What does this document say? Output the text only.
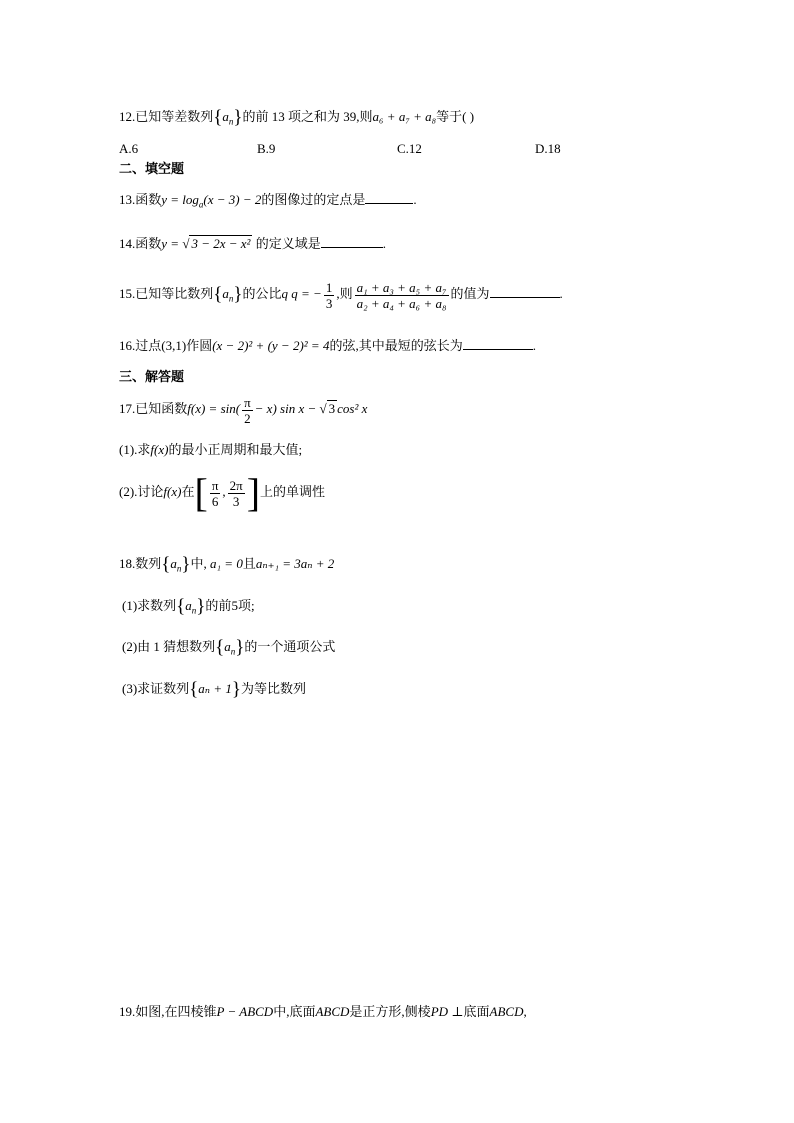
12.已知等差数列$\{a_n\}$的前 13 项之和为 39,则a₆ + a₇ + a₈等于( )
A.6	B.9	C.12	D.18
二、填空题
13.函数$y = \log_a(x - 3) - 2$的图像过的定点是	.
14.函数y = √ 3 − 2x − x² 的定义域是	.
15.已知等比数列$\{a_n\}$的公比q q = − $\frac{1}{3}$ ,则 $\frac{\text{a₁ + a₃ + a₅ + a₇}}{\text{a₂ + a₄ + a₆ + a₈}}$ 的值为	.
16.过点(3,1)作圆(x − 2)² + (y − 2)² = 4的弦,其中最短的弦长为	.
三、解答题
17.已知函数$f(x) = \sin( \frac{\pi}{2} - x)$ sin x − √ 3 cos² x
(1).求f(x)的最小正周期和最大值;
(2).讨论f(x)在[ $\frac{\pi}{6}$ , $\frac{2\pi}{3}$ ]上的单调性
18.数列$\{a_n\}$中, a₁ = 0且aₙ₊₁ = 3aₙ + 2
(1)求数列$\{a_n\}$的前5项;
(2)由 1 猜想数列$\{a_n\}$的一个通项公式
(3)求证数列{aₙ + 1}为等比数列
19.如图,在四棱锥P − ABCD中,底面ABCD是正方形,侧棱PD ⊥底面ABCD,
